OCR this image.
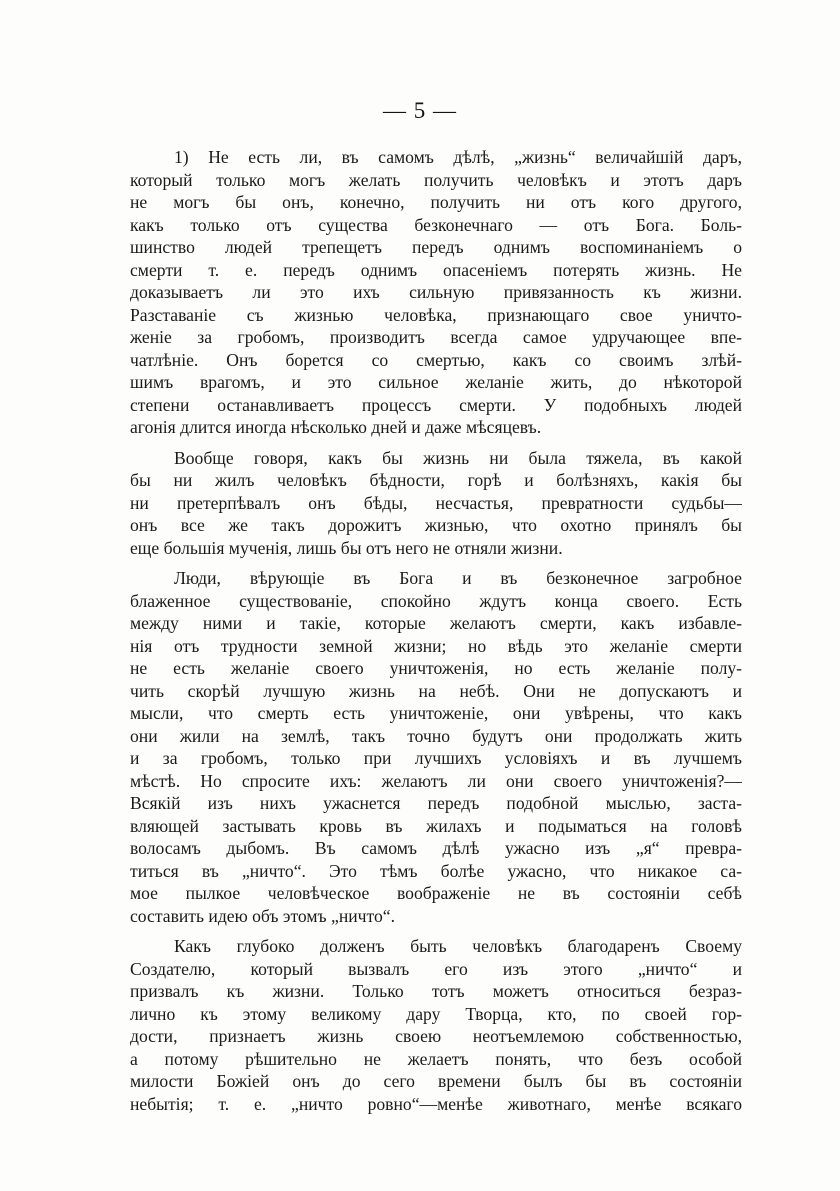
— 5 —
1) Не есть ли, въ самомъ дѣлѣ, „жизнь“ величайшій даръ,
который только могъ желать получить человѣкъ и этотъ даръ
не могъ бы онъ, конечно, получить ни отъ кого другого,
какъ только отъ существа безконечнаго — отъ Бога. Боль-
шинство людей трепещетъ передъ однимъ воспоминаніемъ о
смерти т. е. передъ однимъ опасеніемъ потерять жизнь. Не
доказываетъ ли это ихъ сильную привязанность къ жизни.
Разставаніе съ жизнью человѣка, признающаго свое уничто-
женіе за гробомъ, производитъ всегда самое удручающее впе-
чатлѣніе. Онъ борется со смертью, какъ со своимъ злѣй-
шимъ врагомъ, и это сильное желаніе жить, до нѣкоторой
степени останавливаетъ процессъ смерти. У подобныхъ людей
агонія длится иногда нѣсколько дней и даже мѣсяцевъ.
Вообще говоря, какъ бы жизнь ни была тяжела, въ какой
бы ни жилъ человѣкъ бѣдности, горѣ и болѣзняхъ, какія бы
ни претерпѣвалъ онъ бѣды, несчастья, превратности судьбы—
онъ все же такъ дорожитъ жизнью, что охотно принялъ бы
еще большія мученія, лишь бы отъ него не отняли жизни.
Люди, вѣрующіе въ Бога и въ безконечное загробное
блаженное существованіе, спокойно ждутъ конца своего. Есть
между ними и такіе, которые желаютъ смерти, какъ избавле-
нія отъ трудности земной жизни; но вѣдь это желаніе смерти
не есть желаніе своего уничтоженія, но есть желаніе полу-
чить скорѣй лучшую жизнь на небѣ. Они не допускаютъ и
мысли, что смерть есть уничтоженіе, они увѣрены, что какъ
они жили на землѣ, такъ точно будутъ они продолжать жить
и за гробомъ, только при лучшихъ условіяхъ и въ лучшемъ
мѣстѣ. Но спросите ихъ: желаютъ ли они своего уничтоженія?—
Всякій изъ нихъ ужаснется передъ подобной мыслью, заста-
вляющей застывать кровь въ жилахъ и подыматься на головѣ
волосамъ дыбомъ. Въ самомъ дѣлѣ ужасно изъ „я“ превра-
титься въ „ничто“. Это тѣмъ болѣе ужасно, что никакое са-
мое пылкое человѣческое воображеніе не въ состояніи себѣ
составить идею объ этомъ „ничто“.
Какъ глубоко долженъ быть человѣкъ благодаренъ Своему
Создателю, который вызвалъ его изъ этого „ничто“ и
призвалъ къ жизни. Только тотъ можетъ относиться безраз-
лично къ этому великому дару Творца, кто, по своей гор-
дости, признаетъ жизнь своею неотъемлемою собственностью,
а потому рѣшительно не желаетъ понять, что безъ особой
милости Божіей онъ до сего времени былъ бы въ состояніи
небытія; т. е. „ничто ровно“—менѣе животнаго, менѣе всякаго
